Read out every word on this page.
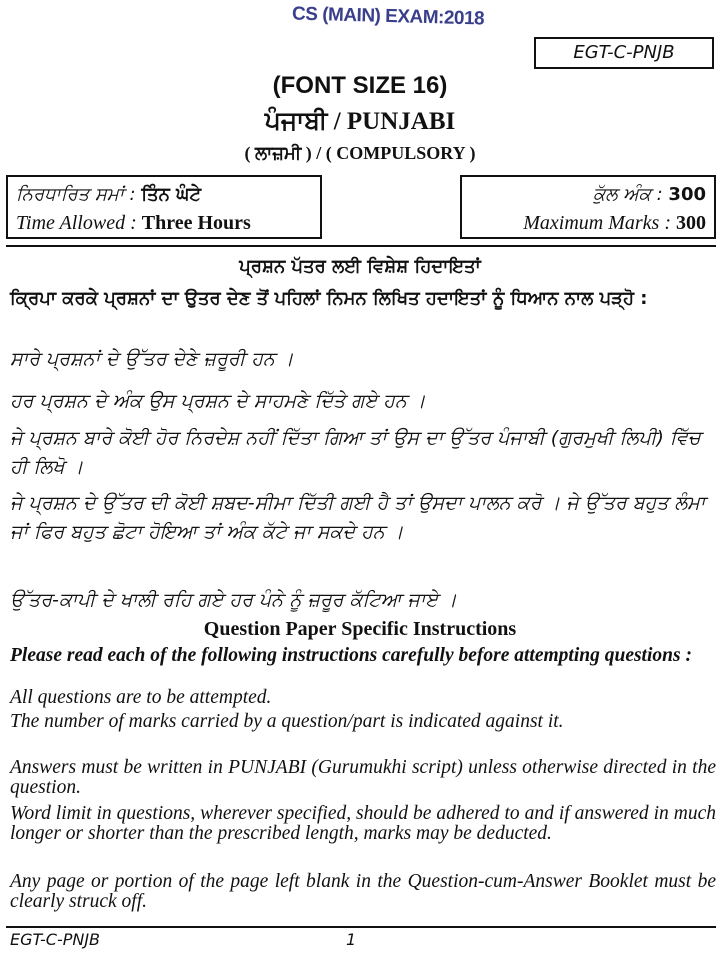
CS (MAIN) EXAM:2018
EGT-C-PNJB
(FONT SIZE 16)
ਪੰਜਾਬੀ / PUNJABI
( ਲਾਜ਼ਮੀ ) / ( COMPULSORY )
ਨਿਰਧਾਰਿਤ ਸਮਾਂ : ਤਿੰਨ ਘੰਟੇ
Time Allowed : Three Hours
ਕੁੱਲ ਅੰਕ : 300
Maximum Marks : 300
ਪ੍ਰਸ਼ਨ ਪੱਤਰ ਲਈ ਵਿਸ਼ੇਸ਼ ਹਿਦਾਇਤਾਂ
ਕ੍ਰਿਪਾ ਕਰਕੇ ਪ੍ਰਸ਼ਨਾਂ ਦਾ ਉਤਰ ਦੇਣ ਤੋਂ ਪਹਿਲਾਂ ਨਿਮਨ ਲਿਖਿਤ ਹਦਾਇਤਾਂ ਨੂੰ ਧਿਆਨ ਨਾਲ ਪੜ੍ਹੋ :
ਸਾਰੇ ਪ੍ਰਸ਼ਨਾਂ ਦੇ ਉੱਤਰ ਦੇਣੇ ਜ਼ਰੂਰੀ ਹਨ ।
ਹਰ ਪ੍ਰਸ਼ਨ ਦੇ ਅੰਕ ਉਸ ਪ੍ਰਸ਼ਨ ਦੇ ਸਾਹਮਣੇ ਦਿੱਤੇ ਗਏ ਹਨ ।
ਜੇ ਪ੍ਰਸ਼ਨ ਬਾਰੇ ਕੋਈ ਹੋਰ ਨਿਰਦੇਸ਼ ਨਹੀਂ ਦਿੱਤਾ ਗਿਆ ਤਾਂ ਉਸ ਦਾ ਉੱਤਰ ਪੰਜਾਬੀ (ਗੁਰਮੁਖੀ ਲਿਪੀ) ਵਿੱਚ ਹੀ ਲਿਖੋ ।
ਜੇ ਪ੍ਰਸ਼ਨ ਦੇ ਉੱਤਰ ਦੀ ਕੋਈ ਸ਼ਬਦ-ਸੀਮਾ ਦਿੱਤੀ ਗਈ ਹੈ ਤਾਂ ਉਸਦਾ ਪਾਲਨ ਕਰੋ । ਜੇ ਉੱਤਰ ਬਹੁਤ ਲੰਮਾ ਜਾਂ ਫਿਰ ਬਹੁਤ ਛੋਟਾ ਹੋਇਆ ਤਾਂ ਅੰਕ ਕੱਟੇ ਜਾ ਸਕਦੇ ਹਨ ।
ਉੱਤਰ-ਕਾਪੀ ਦੇ ਖਾਲੀ ਰਹਿ ਗਏ ਹਰ ਪੰਨੇ ਨੂੰ ਜ਼ਰੂਰ ਕੱਟਿਆ ਜਾਏ ।
Question Paper Specific Instructions
Please read each of the following instructions carefully before attempting questions :
All questions are to be attempted.
The number of marks carried by a question/part is indicated against it.
Answers must be written in PUNJABI (Gurumukhi script) unless otherwise directed in the question.
Word limit in questions, wherever specified, should be adhered to and if answered in much longer or shorter than the prescribed length, marks may be deducted.
Any page or portion of the page left blank in the Question-cum-Answer Booklet must be clearly struck off.
EGT-C-PNJB	1
